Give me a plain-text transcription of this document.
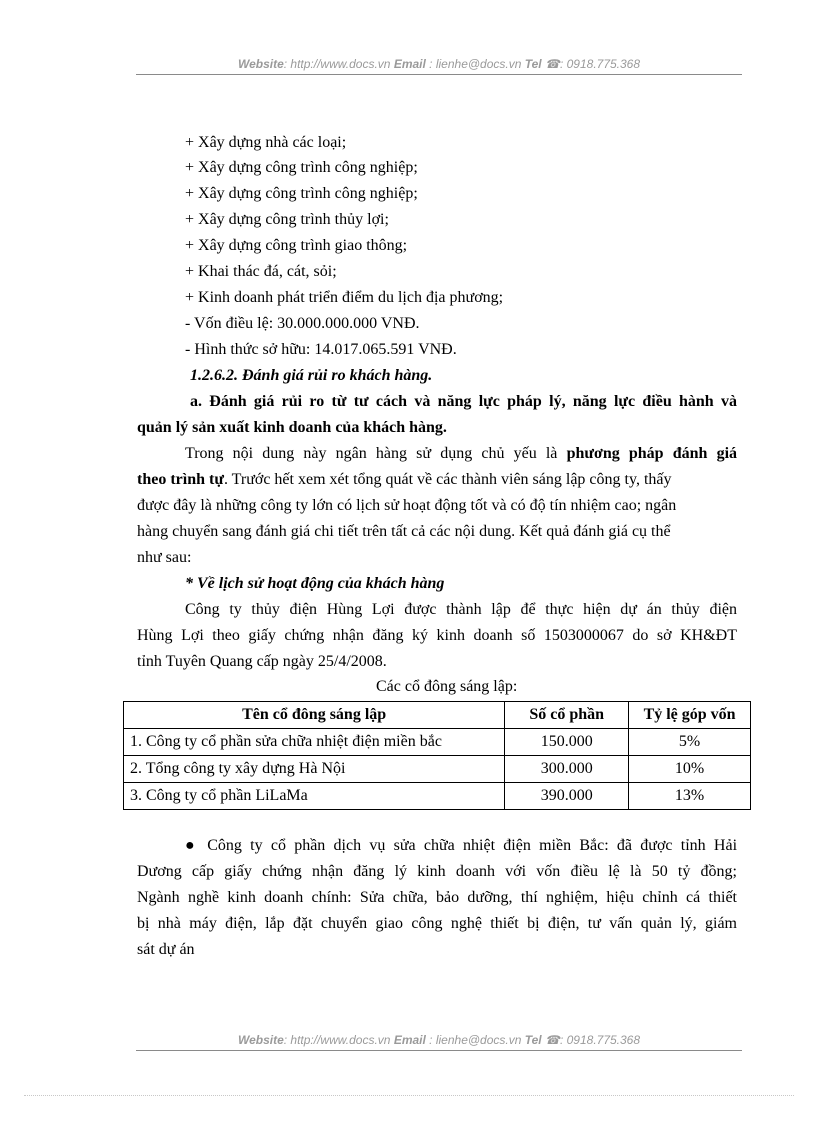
Website: http://www.docs.vn Email : lienhe@docs.vn Tel ☎: 0918.775.368
+ Xây dựng nhà các loại;
+ Xây dựng công trình công nghiệp;
+ Xây dựng công trình công nghiệp;
+ Xây dựng công trình thủy lợi;
+ Xây dựng công trình giao thông;
+ Khai thác đá, cát, sỏi;
+ Kinh doanh phát triển điểm du lịch địa phương;
- Vốn điều lệ: 30.000.000.000 VNĐ.
- Hình thức sở hữu: 14.017.065.591 VNĐ.
1.2.6.2. Đánh giá rủi ro khách hàng.
a. Đánh giá rủi ro từ tư cách và năng lực pháp lý, năng lực điều hành và
quản lý sản xuất kinh doanh của khách hàng.
Trong nội dung này ngân hàng sử dụng chủ yếu là phương pháp đánh giá
theo trình tự. Trước hết xem xét tổng quát về các thành viên sáng lập công ty, thấy
được đây là những công ty lớn có lịch sử hoạt động tốt và có độ tín nhiệm cao; ngân
hàng chuyển sang đánh giá chi tiết trên tất cả các nội dung. Kết quả đánh giá cụ thể
như sau:
* Về lịch sử hoạt động của khách hàng
Công ty thủy điện Hùng Lợi được thành lập để thực hiện dự án thủy điện
Hùng Lợi theo giấy chứng nhận đăng ký kinh doanh số 1503000067 do sở KH&ĐT
tỉnh Tuyên Quang cấp ngày 25/4/2008.
Các cổ đông sáng lập:
Tên cổ đông sáng lập	Số cổ phần	Tỷ lệ góp vốn
1. Công ty cổ phần sửa chữa nhiệt điện miền bắc	150.000	5%
2. Tổng công ty xây dựng Hà Nội	300.000	10%
3. Công ty cổ phần LiLaMa	390.000	13%
● Công ty cổ phần dịch vụ sửa chữa nhiệt điện miền Bắc: đã được tỉnh Hải
Dương cấp giấy chứng nhận đăng lý kinh doanh với vốn điều lệ là 50 tỷ đồng;
Ngành nghề kinh doanh chính: Sửa chữa, bảo dưỡng, thí nghiệm, hiệu chỉnh cá thiết
bị nhà máy điện, lắp đặt chuyển giao công nghệ thiết bị điện, tư vấn quản lý, giám
sát dự án
Website: http://www.docs.vn Email : lienhe@docs.vn Tel ☎: 0918.775.368
